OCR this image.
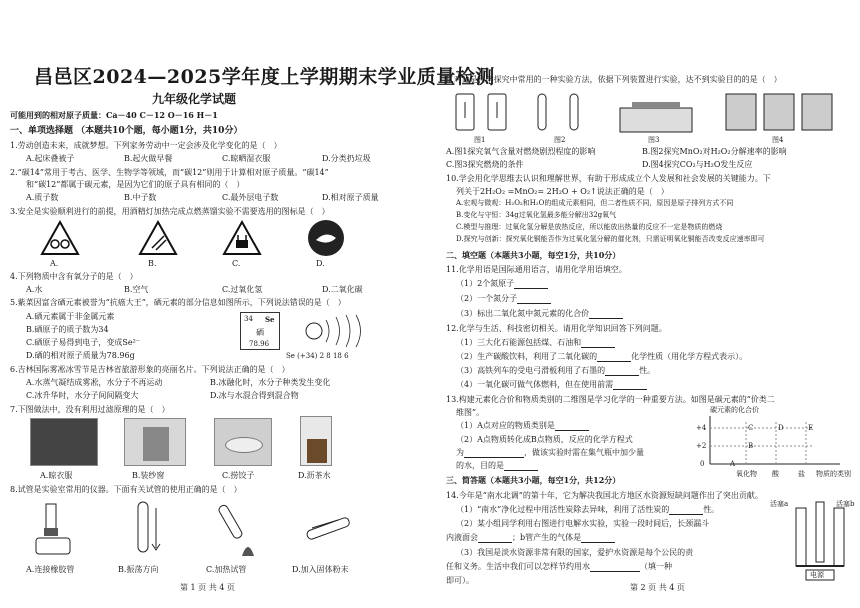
昌邑区2024—2025学年度上学期期末学业质量检测
九年级化学试题
可能用到的相对原子质量：Ca－40 C－12 O－16 H－1
一、单项选择题 （本题共10个题，每小题1分，共10分）
1.劳动创造未来，成就梦想。下列家务劳动中一定会涉及化学变化的是（　）
A.起床叠被子	B.起火做早餐	C.晾晒湿衣服	D.分类扔垃圾
2.“碳14”常用于考古、医学、生物学等领域，而“碳12”则用于计算相对原子质量。“碳14”
和“碳12”都属于碳元素，是因为它们的原子具有相同的（　）
A.质子数	B.中子数	C.最外层电子数	D.相对原子质量
3.安全是实验顺利进行的前提，用酒精灯加热完成点燃蒸馏实验不需要选用的图标是（　）
A.	B.	C.	D.
4.下列物质中含有氧分子的是（　）
A.水	B.空气	C.过氧化氢	D.二氧化碳
5.紫菜因富含硒元素被誉为“抗癌大王”，硒元素的部分信息如图所示，下列说法错误的是（　）
A.硒元素属于非金属元素
B.硒原子的质子数为34
C.硒原子易得到电子，变成Se²⁻
D.硒的相对原子质量为78.96g
34 Se
硒
78.96
Se (+34) 2 8 18 6
6.吉林国际雾凇冰雪节是吉林省旅游形象的亮丽名片。下列说法正确的是（　）
A.水蒸气凝结成雾凇，水分子不再运动	B.冰融化时，水分子种类发生变化
C.冰升华时，水分子间间隔变大	D.冰与水混合得到混合物
7.下图做法中，没有利用过滤原理的是（　）
A.晾衣服	B.装纱窗	C.捞饺子	D.沥茶水
8.试管是实验室常用的仪器。下面有关试管的使用正确的是（　）
A.连接橡胶管	B.振荡方向	C.加热试管	D.加入固体粉末
第 1 页 共 4 页
9.对比是科学探究中常用的一种实验方法，依据下列装置进行实验，达不到实验目的的是（　）
图1	图2	图3	图4
A.图1探究氧气含量对燃烧剧烈程度的影响	B.图2探究MnO₂对H₂O₂分解速率的影响
C.图3探究燃烧的条件	D.图4探究CO₂与H₂O发生反应
10.学会用化学思维去认识和理解世界，有助于形成成立个人发展和社会发展的关键能力。下
列关于2H₂O₂ =MnO₂= 2H₂O + O₂↑说法正确的是（　）
A.宏观与微观：H₂O₂和H₂O的组成元素相同，但二者性质不同，原因是原子排列方式不同
B.变化与守恒：34g过氧化氢最多能分解出32g氧气
C.模型与推理：过氧化氢分解是放热反应，所以能放出热量的反应不一定是物质的燃烧
D.探究与创新：探究氧化铜能否作为过氧化氢分解的催化剂，只需证明氧化铜能否改变反应速率即可
二、填空题（本题共3小题，每空1分，共10分）
11.化学用语是国际通用语言，请用化学用语填空。
（1）2个氮原子
（2）一个氮分子
（3）标出二氧化氮中氮元素的化合价
12.化学与生活、科技密切相关。请用化学知识回答下列问题。
（1）三大化石能源包括煤、石油和
（2）生产碳酸饮料，利用了二氧化碳的	化学性质（用化学方程式表示）。
（3）高铁列车的受电弓滑板利用了石墨的	性。
（4）一氧化碳可做气体燃料，但在使用前需
13.构建元素化合价和物质类别的二维图是学习化学的一种重要方法。如图是碳元素的“价类二
维图”。
（1）A点对应的物质类别是
（2）A点物质转化成B点物质，反应的化学方程式
为	，做该实验时需在集气瓶中加少量
的水，目的是
碳元素的化合价
+4
+2
0	A
B
C	D	E
氧化物 酸	盐 物质的类别
三、简答题（本题共3小题，每空1分，共12分）
14.今年是“南水北调”的第十年，它为解决我国北方地区水资源短缺问题作出了突出贡献。
（1）“南水”净化过程中用活性炭除去异味，利用了活性炭的	性。
（2）某小组同学利用右图进行电解水实验，实验一段时间后，长颈漏斗
内液面会	；b管产生的气体是
（3）我国是淡水资源非常有限的国家，爱护水资源是每个公民的责
任和义务。生活中我们可以怎样节约用水	（填一种
即可）。
活塞a	活塞b
电源
第 2 页 共 4 页
